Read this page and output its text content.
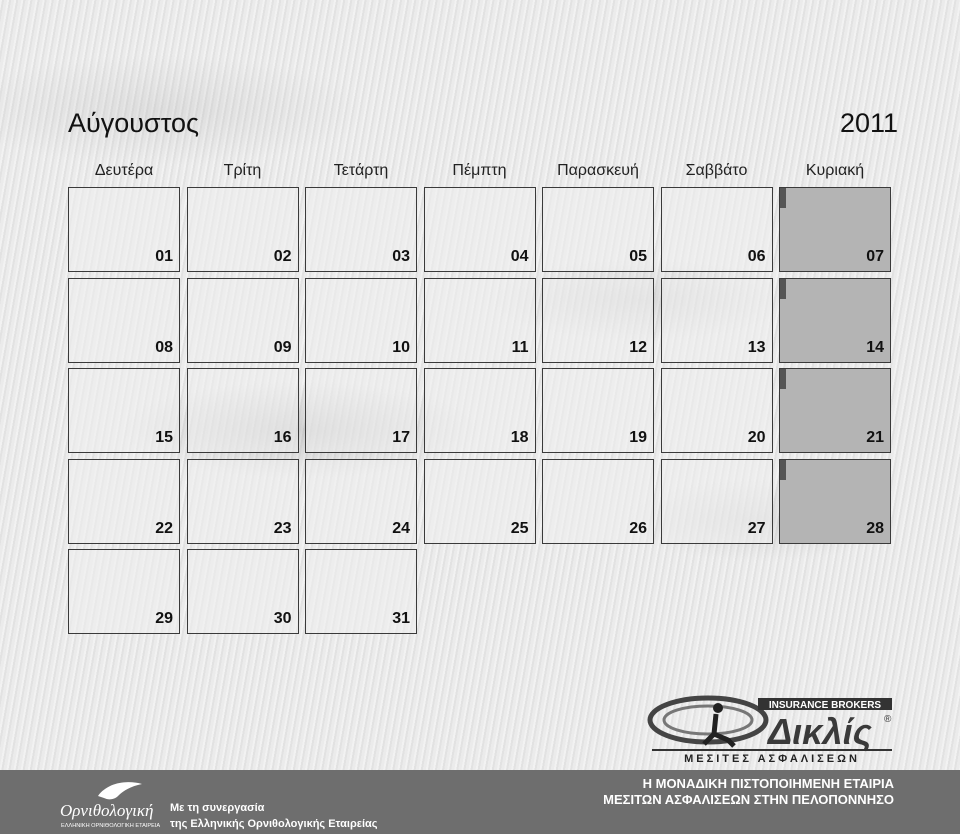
Αύγουστος	2011
Δευτέρα	Τρίτη	Τετάρτη	Πέμπτη	Παρασκευή	Σαββάτο	Κυριακή
01	02	03	04	05	06	07
08	09	10	11	12	13	14
15	16	17	18	19	20	21
22	23	24	25	26	27	28
29	30	31
INSURANCE BROKERS
Δικλίς ®
ΜΕΣΙΤΕΣ ΑΣΦΑΛΙΣΕΩΝ
Ορνιθολογική
ΕΛΛΗΝΙΚΗ ΟΡΝΙΘΟΛΟΓΙΚΗ ΕΤΑΙΡΕΙΑ
Με τη συνεργασία
της Ελληνικής Ορνιθολογικής Εταιρείας
Η ΜΟΝΑΔΙΚΗ ΠΙΣΤΟΠΟΙΗΜΕΝΗ ΕΤΑΙΡΙΑ
ΜΕΣΙΤΩΝ ΑΣΦΑΛΙΣΕΩΝ ΣΤΗΝ ΠΕΛΟΠΟΝΝΗΣΟ
